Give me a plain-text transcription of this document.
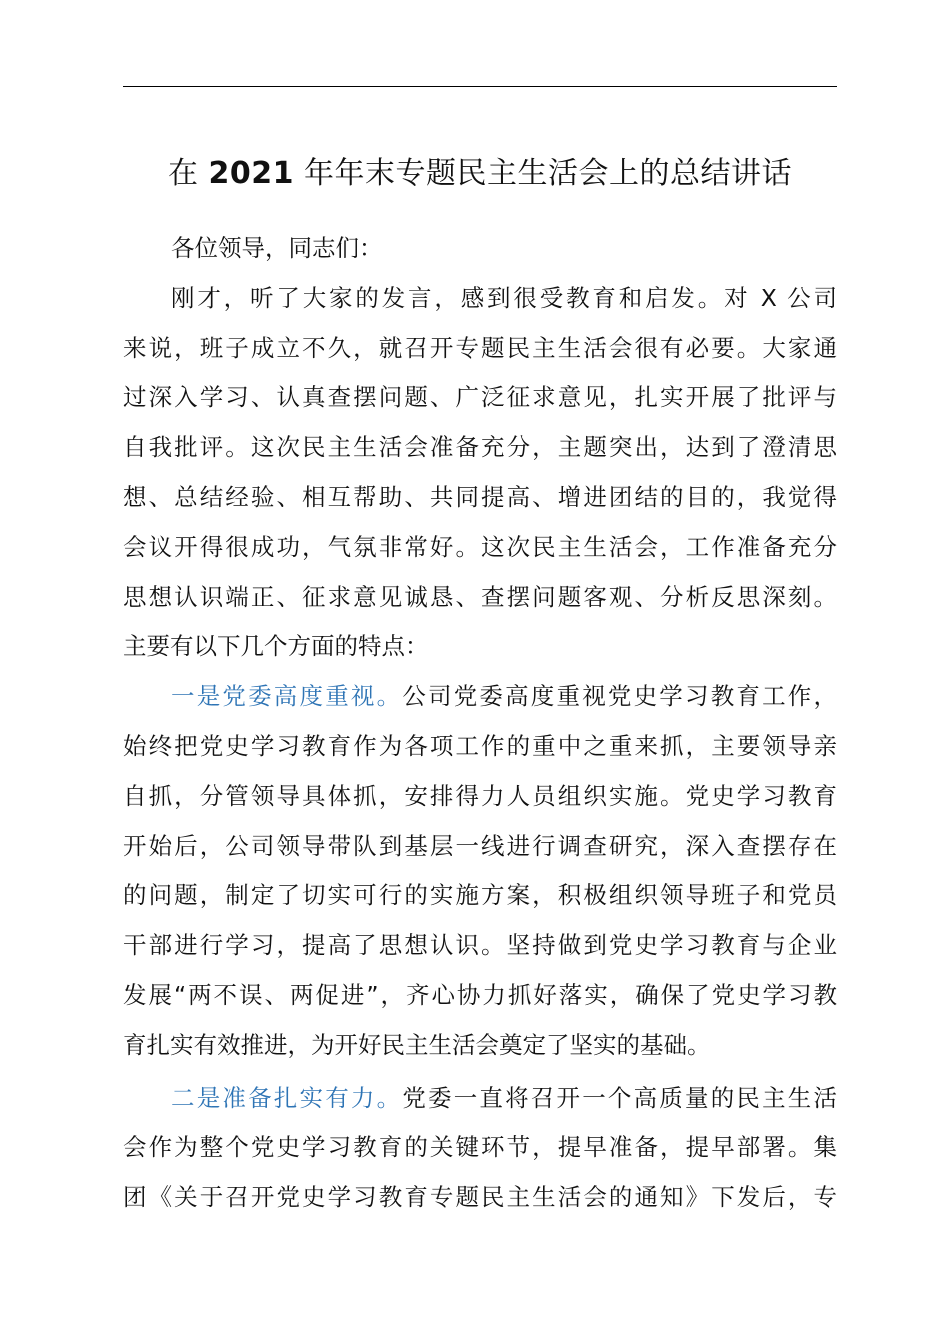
在 2021 年年末专题民主生活会上的总结讲话
各位领导，同志们：
刚才，听了大家的发言，感到很受教育和启发。对 X 公司
来说，班子成立不久，就召开专题民主生活会很有必要。大家通
过深入学习、认真查摆问题、广泛征求意见，扎实开展了批评与
自我批评。这次民主生活会准备充分，主题突出，达到了澄清思
想、总结经验、相互帮助、共同提高、增进团结的目的，我觉得
会议开得很成功，气氛非常好。这次民主生活会，工作准备充分
思想认识端正、征求意见诚恳、查摆问题客观、分析反思深刻。
主要有以下几个方面的特点：
一是党委高度重视。公司党委高度重视党史学习教育工作，
始终把党史学习教育作为各项工作的重中之重来抓，主要领导亲
自抓，分管领导具体抓，安排得力人员组织实施。党史学习教育
开始后，公司领导带队到基层一线进行调查研究，深入查摆存在
的问题，制定了切实可行的实施方案，积极组织领导班子和党员
干部进行学习，提高了思想认识。坚持做到党史学习教育与企业
发展“两不误、两促进”，齐心协力抓好落实，确保了党史学习教
育扎实有效推进，为开好民主生活会奠定了坚实的基础。
二是准备扎实有力。党委一直将召开一个高质量的民主生活
会作为整个党史学习教育的关键环节，提早准备，提早部署。集
团《关于召开党史学习教育专题民主生活会的通知》下发后，专
